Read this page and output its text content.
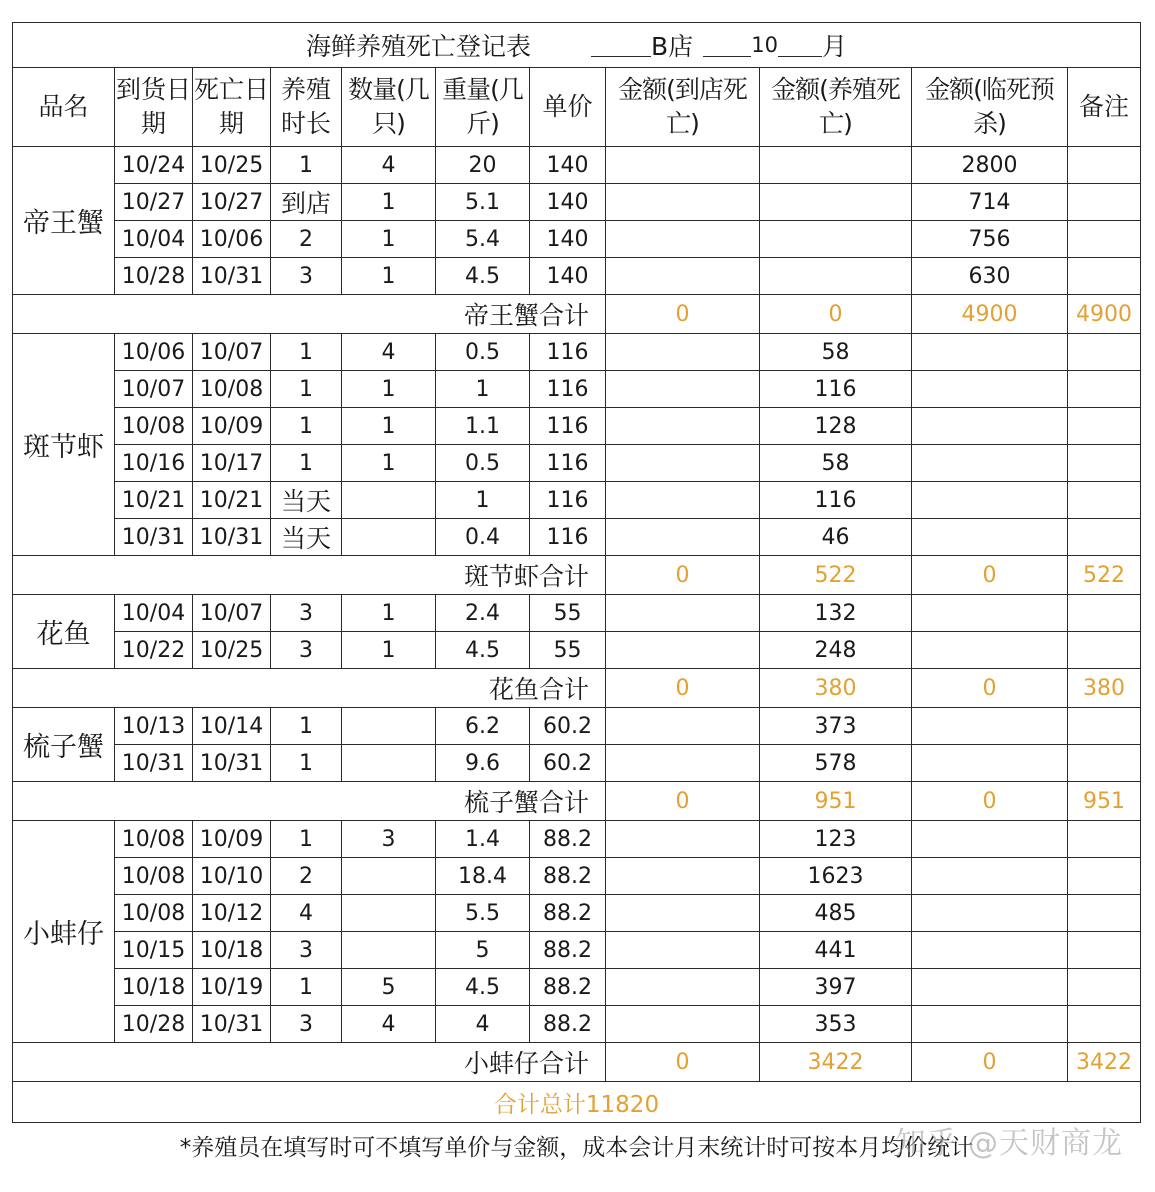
海鲜养殖死亡登记表 B店 10 月										

品名	到货日期	死亡日期	养殖时长	数量(几只)	重量(几斤)	单价	金额(到店死亡)	金额(养殖死亡)	金额(临死预杀)	备注
帝王蟹	10/24	10/25	1	4	20	140			2800	
	10/27	10/27	到店	1	5.1	140			714	
	10/04	10/06	2	1	5.4	140			756	
	10/28	10/31	3	1	4.5	140			630	
帝王蟹合计							0	0	4900	4900
斑节虾	10/06	10/07	1	4	0.5	116		58		
	10/07	10/08	1	1	1	116		116		
	10/08	10/09	1	1	1.1	116		128		
	10/16	10/17	1	1	0.5	116		58		
	10/21	10/21	当天		1	116		116		
	10/31	10/31	当天		0.4	116		46		
斑节虾合计							0	522	0	522
花鱼	10/04	10/07	3	1	2.4	55		132		
	10/22	10/25	3	1	4.5	55		248		
花鱼合计							0	380	0	380
梳子蟹	10/13	10/14	1		6.2	60.2		373		
	10/31	10/31	1		9.6	60.2		578		
梳子蟹合计							0	951	0	951
小蚌仔	10/08	10/09	1	3	1.4	88.2		123		
	10/08	10/10	2		18.4	88.2		1623		
	10/08	10/12	4		5.5	88.2		485		
	10/15	10/18	3		5	88.2		441		
	10/18	10/19	1	5	4.5	88.2		397		
	10/28	10/31	3	4	4	88.2		353		
小蚌仔合计							0	3422	0	3422
合计总计11820										
*养殖员在填写时可不填写单价与金额，成本会计月末统计时可按本月均价统计										
知乎 @天财商龙
